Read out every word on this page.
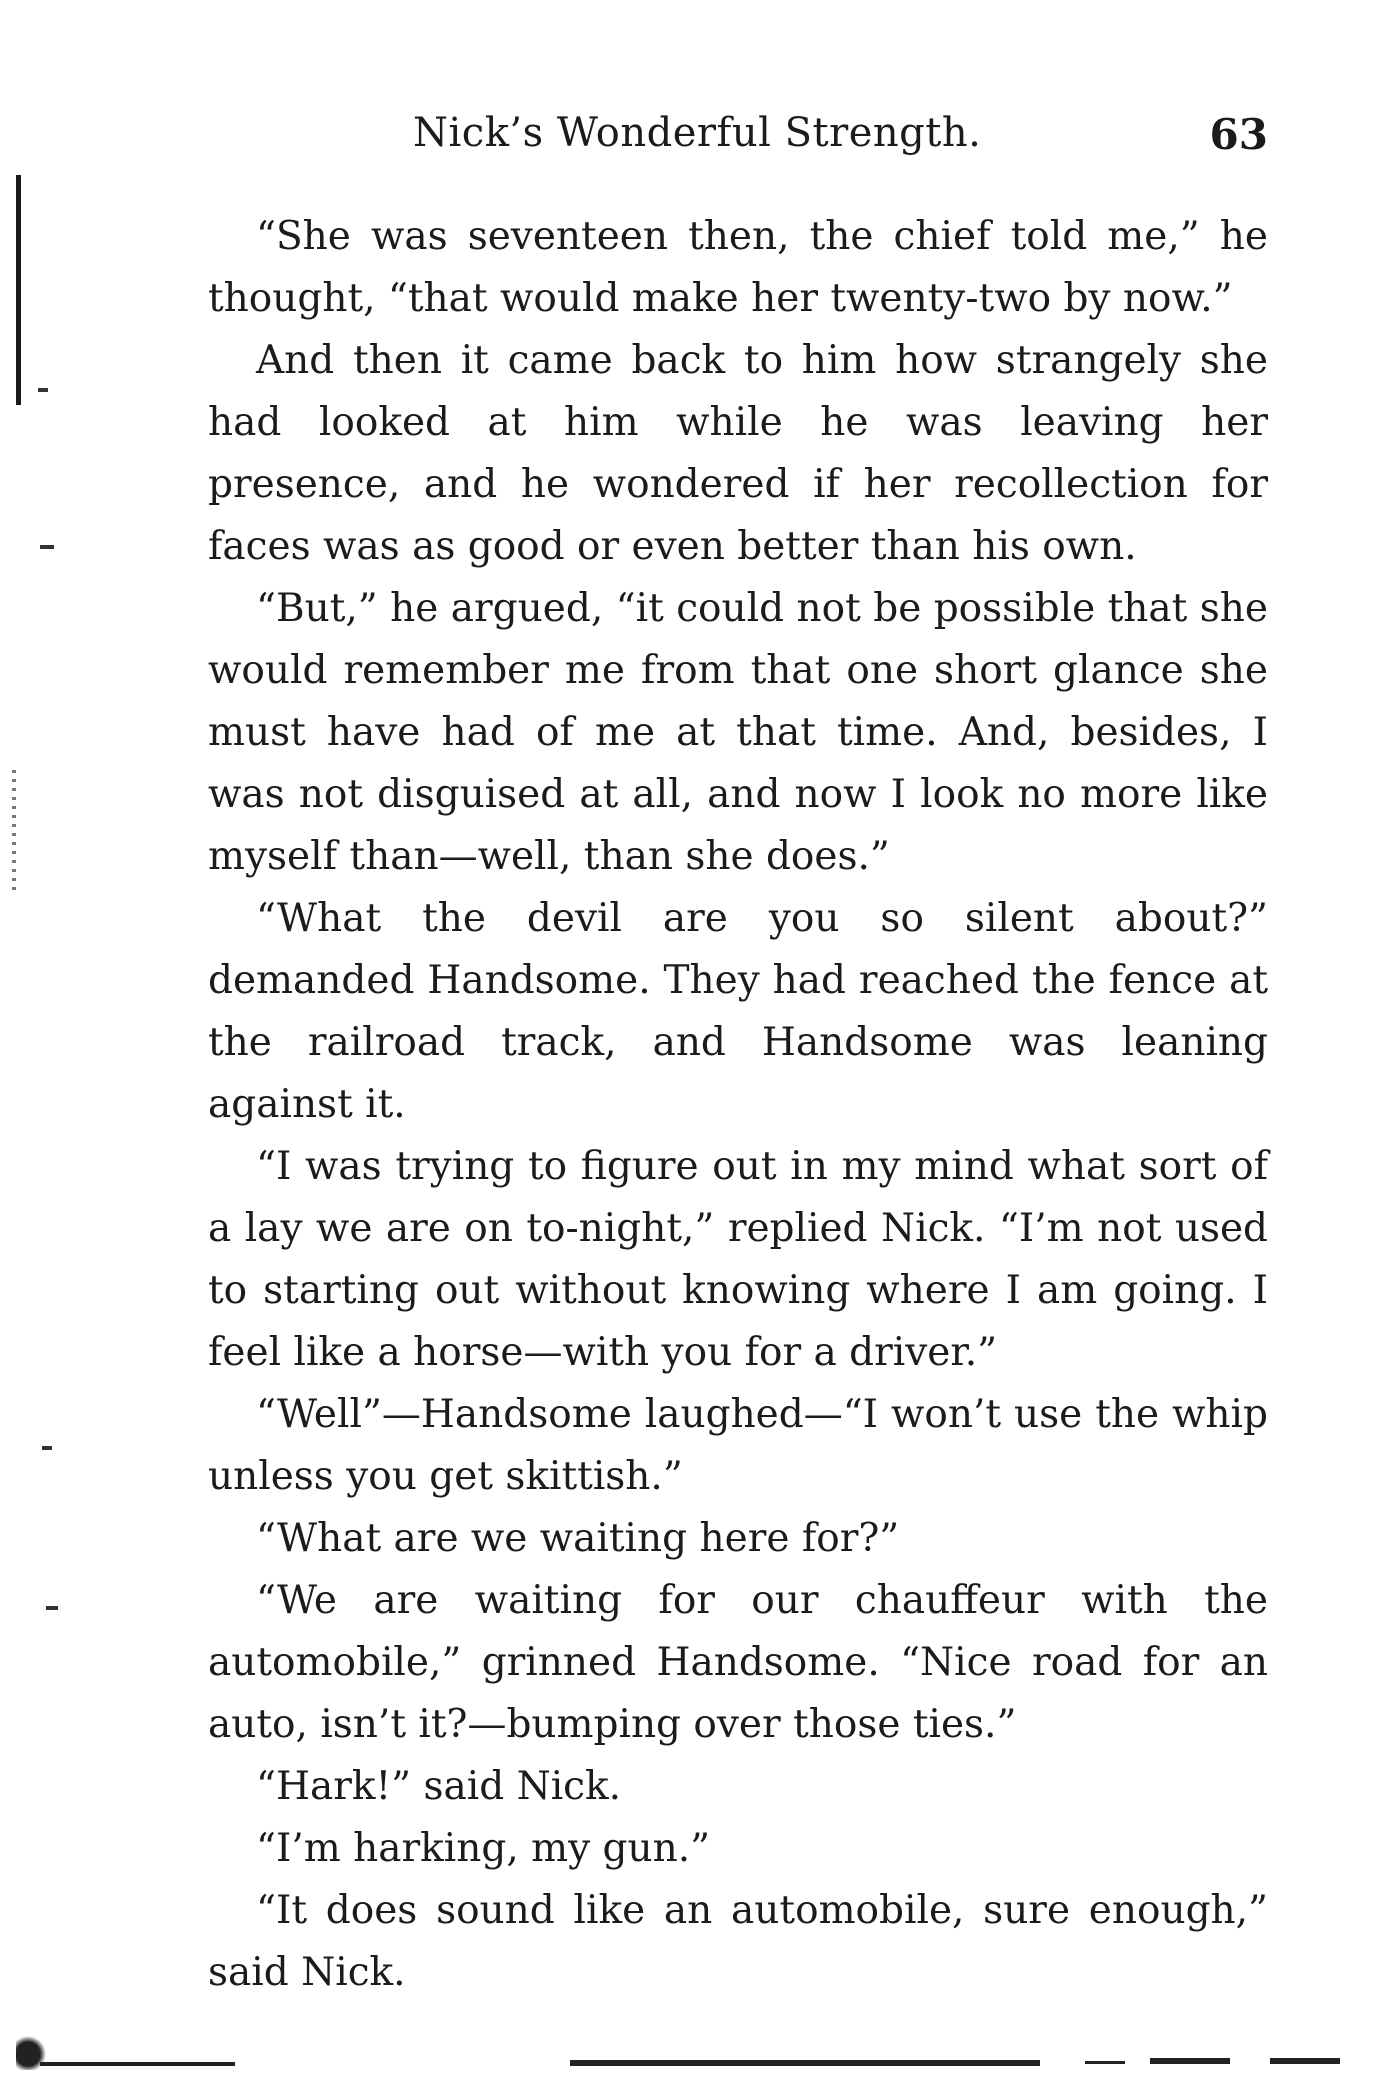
Nick’s Wonderful Strength.	63

“She was seventeen then, the chief told me,” he thought, “that would make her twenty-two by now.”

And then it came back to him how strangely she had looked at him while he was leaving her presence, and he wondered if her recollection for faces was as good or even better than his own.

“But,” he argued, “it could not be possible that she would remember me from that one short glance she must have had of me at that time. And, besides, I was not disguised at all, and now I look no more like myself than—well, than she does.”

“What the devil are you so silent about?” demanded Handsome. They had reached the fence at the railroad track, and Handsome was leaning against it.

“I was trying to figure out in my mind what sort of a lay we are on to-night,” replied Nick. “I’m not used to starting out without knowing where I am going. I feel like a horse—with you for a driver.”

“Well”—Handsome laughed—“I won’t use the whip unless you get skittish.”

“What are we waiting here for?”

“We are waiting for our chauffeur with the automobile,” grinned Handsome. “Nice road for an auto, isn’t it?—bumping over those ties.”

“Hark!” said Nick.

“I’m harking, my gun.”

“It does sound like an automobile, sure enough,” said Nick.
